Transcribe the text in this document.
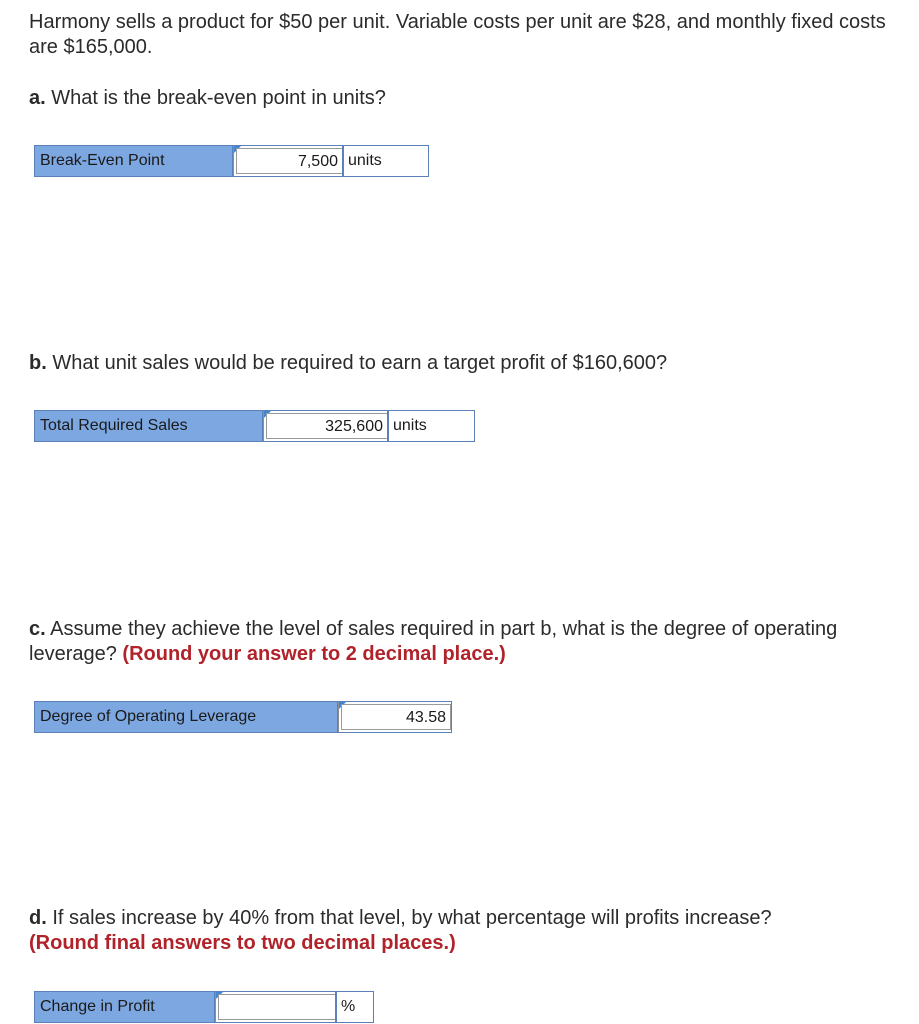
Harmony sells a product for $50 per unit. Variable costs per unit are $28, and monthly fixed costs are $165,000.
a. What is the break-even point in units?
Break-Even Point	7,500 units
b. What unit sales would be required to earn a target profit of $160,600?
Total Required Sales	325,600 units
c. Assume they achieve the level of sales required in part b, what is the degree of operating leverage? (Round your answer to 2 decimal place.)
Degree of Operating Leverage	43.58
d. If sales increase by 40% from that level, by what percentage will profits increase?
(Round final answers to two decimal places.)
Change in Profit	%
